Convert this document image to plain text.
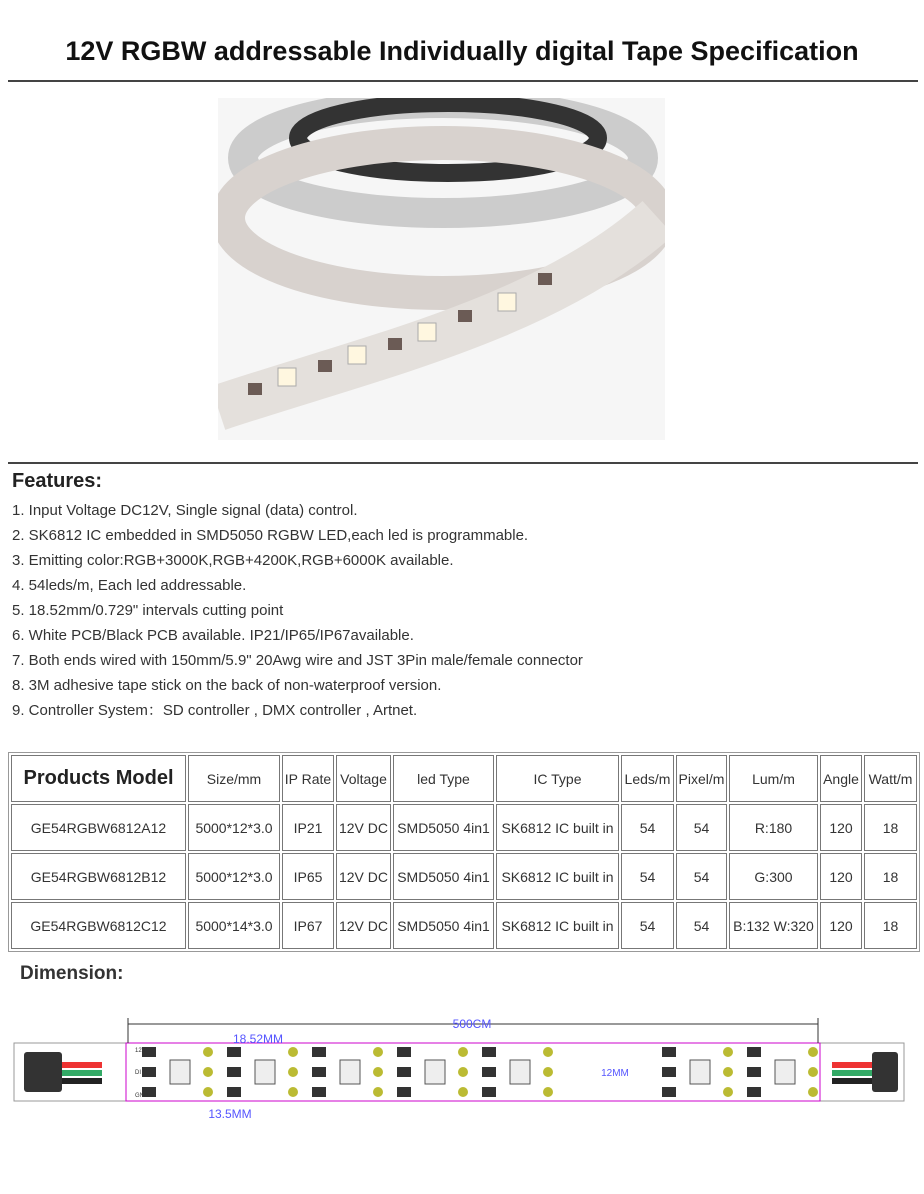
12V RGBW addressable Individually digital Tape Specification
Features:
1. Input Voltage DC12V, Single signal (data) control.
2. SK6812 IC embedded in SMD5050 RGBW LED,each led is programmable.
3. Emitting color:RGB+3000K,RGB+4200K,RGB+6000K available.
4. 54leds/m, Each led addressable.
5. 18.52mm/0.729" intervals cutting point
6. White PCB/Black PCB available. IP21/IP65/IP67available.
7. Both ends wired with 150mm/5.9" 20Awg wire and JST 3Pin male/female connector
8. 3M adhesive tape stick on the back of non-waterproof version.
9. Controller System：SD controller , DMX controller , Artnet.
Products Model	Size/mm	IP Rate	Voltage	led Type	IC Type	Leds/m	Pixel/m	Lum/m	Angle	Watt/m
GE54RGBW6812A12	5000*12*3.0	IP21	12V DC	SMD5050 4in1	SK6812 IC built in	54	54	R:180	120	18
GE54RGBW6812B12	5000*12*3.0	IP65	12V DC	SMD5050 4in1	SK6812 IC built in	54	54	G:300	120	18
GE54RGBW6812C12	5000*14*3.0	IP67	12V DC	SMD5050 4in1	SK6812 IC built in	54	54	B:132 W:320	120	18
Dimension:
500CM
18.52MM
13.5MM
12MM
12V
DI
GND
